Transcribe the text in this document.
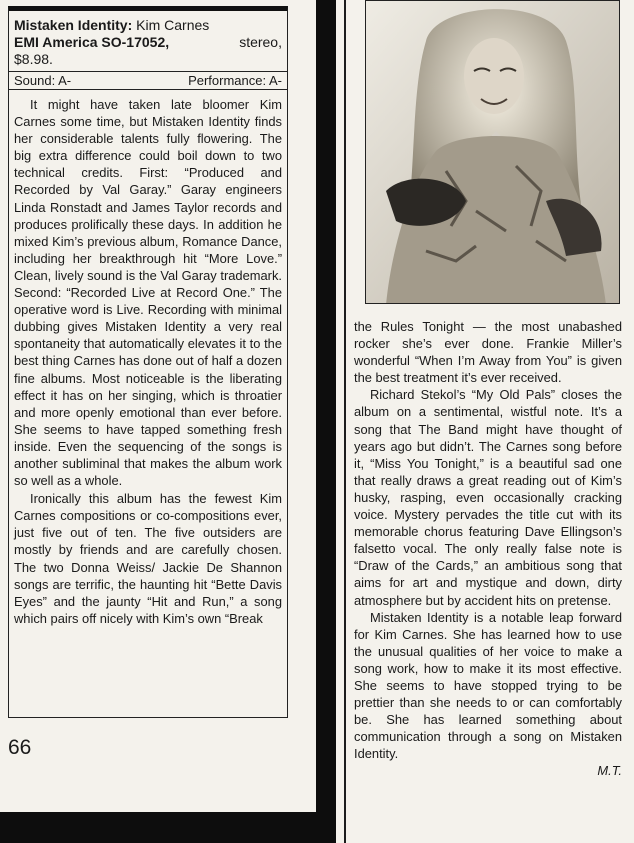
Mistaken Identity: Kim Carnes
EMI America SO-17052,	stereo,
$8.98.
Sound: A-	Performance: A-

It might have taken late bloomer Kim Carnes some time, but Mistaken Identity finds her considerable talents fully flowering. The big extra difference could boil down to two technical credits. First: “Produced and Recorded by Val Garay.” Garay engineers Linda Ronstadt and James Taylor records and produces prolifically these days. In addition he mixed Kim’s previous album, Romance Dance, including her breakthrough hit “More Love.” Clean, lively sound is the Val Garay trademark. Second: “Recorded Live at Record One.” The operative word is Live. Recording with minimal dubbing gives Mistaken Identity a very real spontaneity that automatically elevates it to the best thing Carnes has done out of half a dozen fine albums. Most noticeable is the liberating effect it has on her singing, which is throatier and more openly emotional than ever before. She seems to have tapped something fresh inside. Even the sequencing of the songs is another subliminal that makes the album work so well as a whole.

Ironically this album has the fewest Kim Carnes compositions or co-compositions ever, just five out of ten. The five outsiders are mostly by friends and are carefully chosen. The two Donna Weiss/ Jackie De Shannon songs are terrific, the haunting hit “Bette Davis Eyes” and the jaunty “Hit and Run,” a song which pairs off nicely with Kim’s own “Break

66

the Rules Tonight — the most unabashed rocker she’s ever done. Frankie Miller’s wonderful “When I’m Away from You” is given the best treatment it’s ever received.

Richard Stekol’s “My Old Pals” closes the album on a sentimental, wistful note. It’s a song that The Band might have thought of years ago but didn’t. The Carnes song before it, “Miss You Tonight,” is a beautiful sad one that really draws a great reading out of Kim’s husky, rasping, even occasionally cracking voice. Mystery pervades the title cut with its memorable chorus featuring Dave Ellingson’s falsetto vocal. The only really false note is “Draw of the Cards,” an ambitious song that aims for art and mystique and down, dirty atmosphere but by accident hits on pretense.

Mistaken Identity is a notable leap forward for Kim Carnes. She has learned how to use the unusual qualities of her voice to make a song work, how to make it its most effective. She seems to have stopped trying to be prettier than she needs to or can comfortably be. She has learned something about communication through a song on Mistaken Identity.

M.T.
